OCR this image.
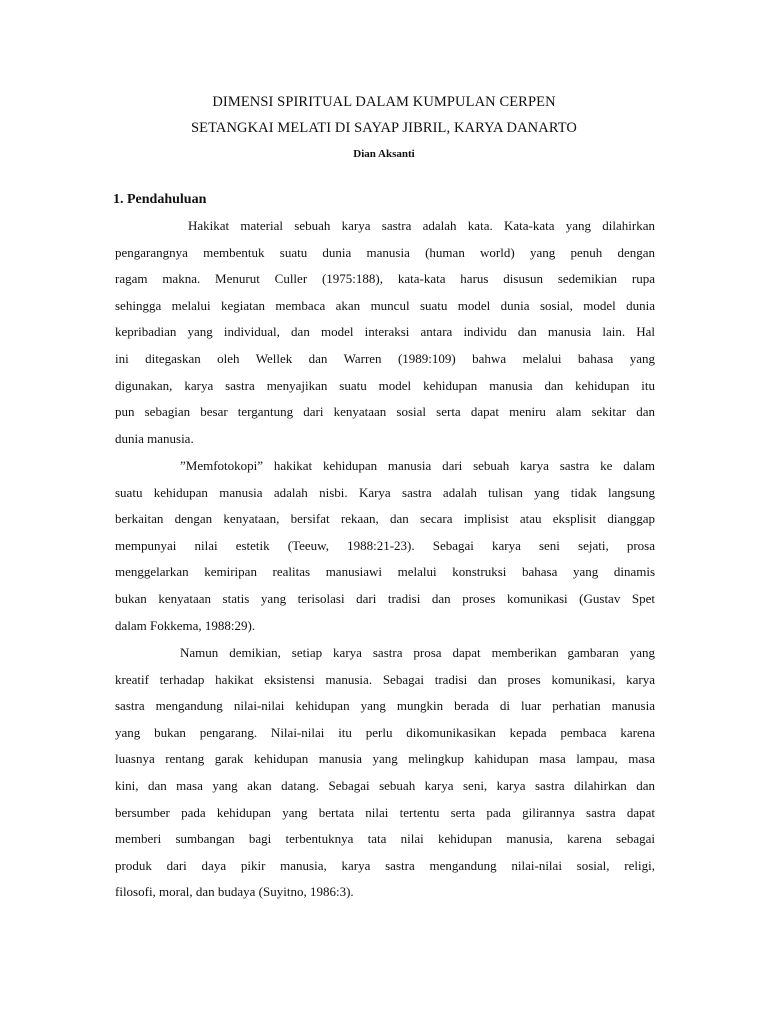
DIMENSI SPIRITUAL DALAM KUMPULAN CERPEN
SETANGKAI MELATI DI SAYAP JIBRIL, KARYA DANARTO
Dian Aksanti
1. Pendahuluan
Hakikat material sebuah karya sastra adalah kata. Kata-kata yang dilahirkan
pengarangnya membentuk suatu dunia manusia (human world) yang penuh dengan
ragam makna. Menurut Culler (1975:188), kata-kata harus disusun sedemikian rupa
sehingga melalui kegiatan membaca akan muncul suatu model dunia sosial, model dunia
kepribadian yang individual, dan model interaksi antara individu dan manusia lain. Hal
ini ditegaskan oleh Wellek dan Warren (1989:109) bahwa melalui bahasa yang
digunakan, karya sastra menyajikan suatu model kehidupan manusia dan kehidupan itu
pun sebagian besar tergantung dari kenyataan sosial serta dapat meniru alam sekitar dan
dunia manusia.
”Memfotokopi” hakikat kehidupan manusia dari sebuah karya sastra ke dalam
suatu kehidupan manusia adalah nisbi. Karya sastra adalah tulisan yang tidak langsung
berkaitan dengan kenyataan, bersifat rekaan, dan secara implisist atau eksplisit dianggap
mempunyai nilai estetik (Teeuw, 1988:21-23). Sebagai karya seni sejati, prosa
menggelarkan kemiripan realitas manusiawi melalui konstruksi bahasa yang dinamis
bukan kenyataan statis yang terisolasi dari tradisi dan proses komunikasi (Gustav Spet
dalam Fokkema, 1988:29).
Namun demikian, setiap karya sastra prosa dapat memberikan gambaran yang
kreatif terhadap hakikat eksistensi manusia. Sebagai tradisi dan proses komunikasi, karya
sastra mengandung nilai-nilai kehidupan yang mungkin berada di luar perhatian manusia
yang bukan pengarang. Nilai-nilai itu perlu dikomunikasikan kepada pembaca karena
luasnya rentang garak kehidupan manusia yang melingkup kahidupan masa lampau, masa
kini, dan masa yang akan datang. Sebagai sebuah karya seni, karya sastra dilahirkan dan
bersumber pada kehidupan yang bertata nilai tertentu serta pada gilirannya sastra dapat
memberi sumbangan bagi terbentuknya tata nilai kehidupan manusia, karena sebagai
produk dari daya pikir manusia, karya sastra mengandung nilai-nilai sosial, religi,
filosofi, moral, dan budaya (Suyitno, 1986:3).
